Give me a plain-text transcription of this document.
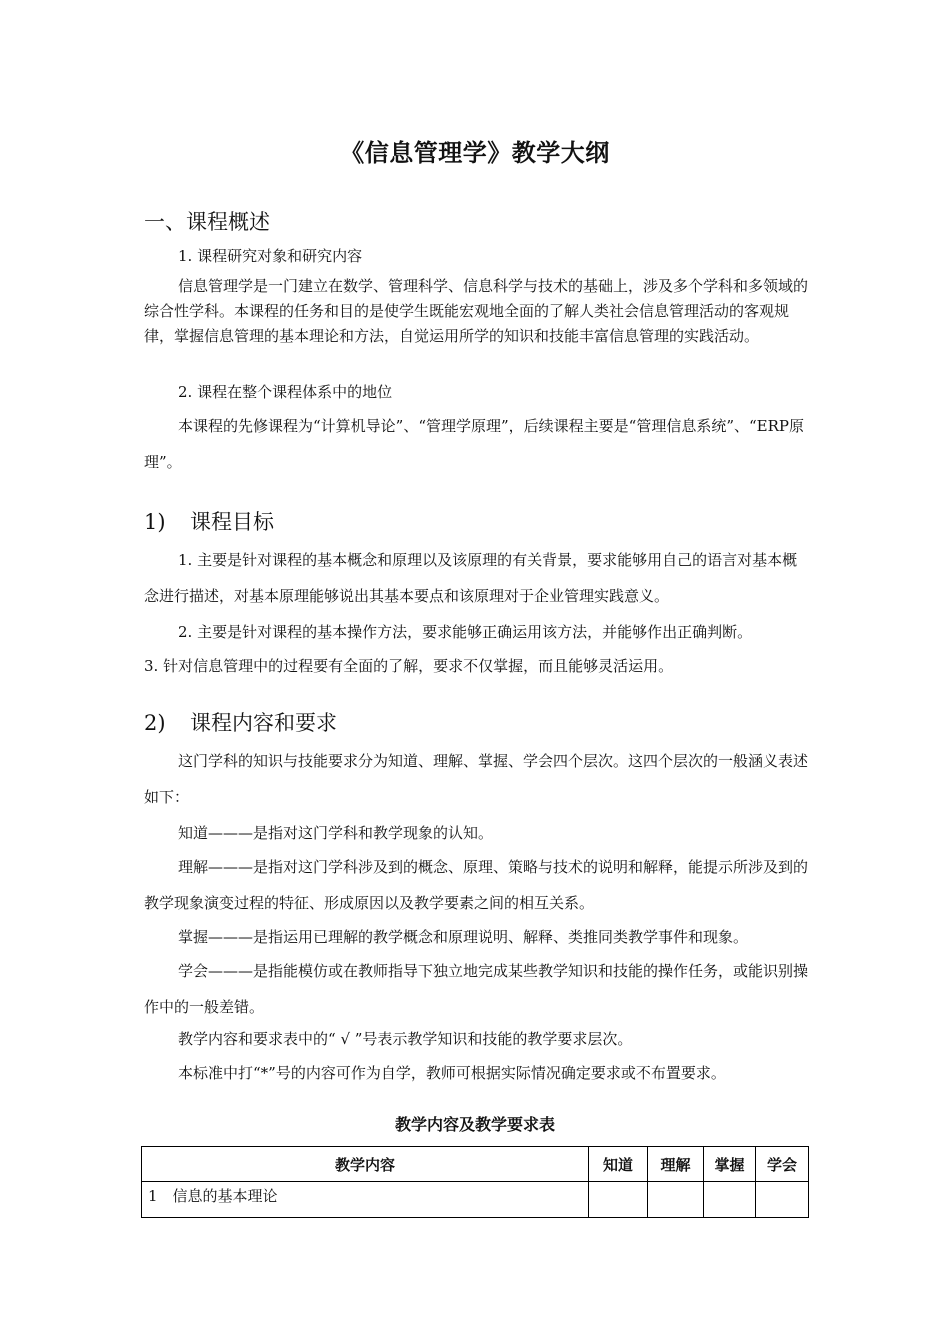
《信息管理学》教学大纲
一、课程概述

1. 课程研究对象和研究内容

信息管理学是一门建立在数学、管理科学、信息科学与技术的基础上，涉及多个学科和多领域的综合性学科。本课程的任务和目的是使学生既能宏观地全面的了解人类社会信息管理活动的客观规律，掌握信息管理的基本理论和方法，自觉运用所学的知识和技能丰富信息管理的实践活动。

2. 课程在整个课程体系中的地位

本课程的先修课程为“计算机导论”、“管理学原理”，后续课程主要是“管理信息系统”、“ERP原理”。

1) 课程目标

1. 主要是针对课程的基本概念和原理以及该原理的有关背景，要求能够用自己的语言对基本概念进行描述，对基本原理能够说出其基本要点和该原理对于企业管理实践意义。

2. 主要是针对课程的基本操作方法，要求能够正确运用该方法，并能够作出正确判断。

3. 针对信息管理中的过程要有全面的了解，要求不仅掌握，而且能够灵活运用。

2) 课程内容和要求

这门学科的知识与技能要求分为知道、理解、掌握、学会四个层次。这四个层次的一般涵义表述如下：

知道———是指对这门学科和教学现象的认知。

理解———是指对这门学科涉及到的概念、原理、策略与技术的说明和解释，能提示所涉及到的教学现象演变过程的特征、形成原因以及教学要素之间的相互关系。

掌握———是指运用已理解的教学概念和原理说明、解释、类推同类教学事件和现象。

学会———是指能模仿或在教师指导下独立地完成某些教学知识和技能的操作任务，或能识别操作中的一般差错。

教学内容和要求表中的“ √ ”号表示教学知识和技能的教学要求层次。

本标准中打“*”号的内容可作为自学，教师可根据实际情况确定要求或不布置要求。

教学内容及教学要求表
教学内容	知道	理解	掌握	学会
1　信息的基本理论				
